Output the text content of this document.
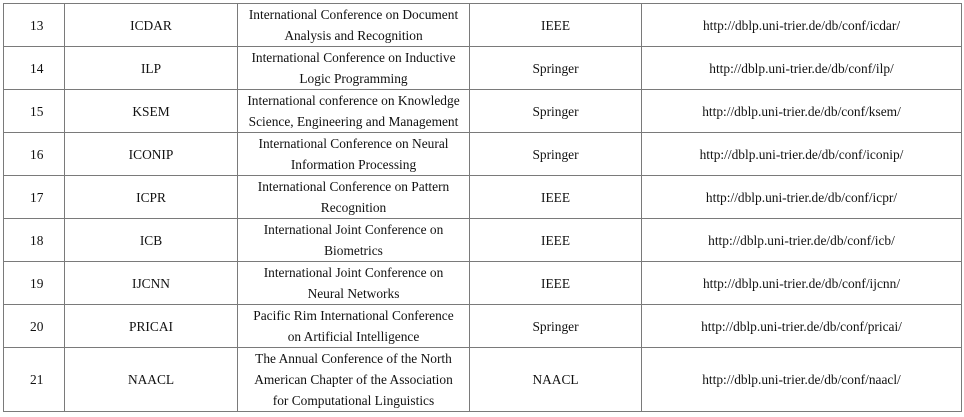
13	ICDAR	International Conference on Document
Analysis and Recognition	IEEE	http://dblp.uni-trier.de/db/conf/icdar/
14	ILP	International Conference on Inductive
Logic Programming	Springer	http://dblp.uni-trier.de/db/conf/ilp/
15	KSEM	International conference on Knowledge
Science, Engineering and Management	Springer	http://dblp.uni-trier.de/db/conf/ksem/
16	ICONIP	International Conference on Neural
Information Processing	Springer	http://dblp.uni-trier.de/db/conf/iconip/
17	ICPR	International Conference on Pattern
Recognition	IEEE	http://dblp.uni-trier.de/db/conf/icpr/
18	ICB	International Joint Conference on
Biometrics	IEEE	http://dblp.uni-trier.de/db/conf/icb/
19	IJCNN	International Joint Conference on
Neural Networks	IEEE	http://dblp.uni-trier.de/db/conf/ijcnn/
20	PRICAI	Pacific Rim International Conference
on Artificial Intelligence	Springer	http://dblp.uni-trier.de/db/conf/pricai/
21	NAACL	The Annual Conference of the North
American Chapter of the Association
for Computational Linguistics	NAACL	http://dblp.uni-trier.de/db/conf/naacl/
